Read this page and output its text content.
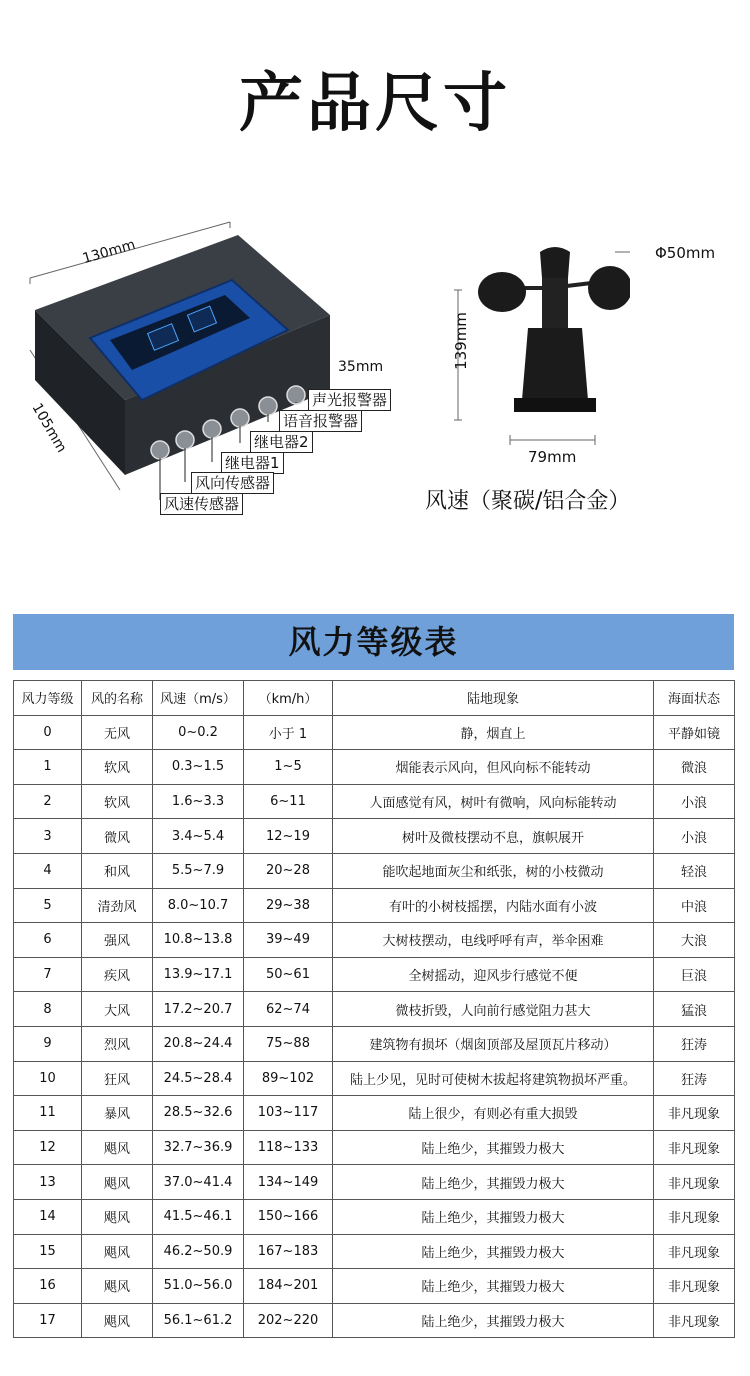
产品尺寸
130mm
105mm
35mm
声光报警器
语音报警器
继电器2
继电器1
风向传感器
风速传感器
Φ50mm
139mm
79mm
风速（聚碳/铝合金）
风力等级表
风力等级	风的名称	风速（m/s）	（km/h）	陆地现象	海面状态
0	无风	0~0.2	小于 1	静，烟直上	平静如镜
1	软风	0.3~1.5	1~5	烟能表示风向，但风向标不能转动	微浪
2	软风	1.6~3.3	6~11	人面感觉有风，树叶有微响，风向标能转动	小浪
3	微风	3.4~5.4	12~19	树叶及微枝摆动不息，旗帜展开	小浪
4	和风	5.5~7.9	20~28	能吹起地面灰尘和纸张，树的小枝微动	轻浪
5	清劲风	8.0~10.7	29~38	有叶的小树枝摇摆，内陆水面有小波	中浪
6	强风	10.8~13.8	39~49	大树枝摆动，电线呼呼有声，举伞困难	大浪
7	疾风	13.9~17.1	50~61	全树摇动，迎风步行感觉不便	巨浪
8	大风	17.2~20.7	62~74	微枝折毁，人向前行感觉阻力甚大	猛浪
9	烈风	20.8~24.4	75~88	建筑物有损坏（烟囱顶部及屋顶瓦片移动）	狂涛
10	狂风	24.5~28.4	89~102	陆上少见，见时可使树木拔起将建筑物损坏严重。	狂涛
11	暴风	28.5~32.6	103~117	陆上很少，有则必有重大损毁	非凡现象
12	飓风	32.7~36.9	118~133	陆上绝少，其摧毁力极大	非凡现象
13	飓风	37.0~41.4	134~149	陆上绝少，其摧毁力极大	非凡现象
14	飓风	41.5~46.1	150~166	陆上绝少，其摧毁力极大	非凡现象
15	飓风	46.2~50.9	167~183	陆上绝少，其摧毁力极大	非凡现象
16	飓风	51.0~56.0	184~201	陆上绝少，其摧毁力极大	非凡现象
17	飓风	56.1~61.2	202~220	陆上绝少，其摧毁力极大	非凡现象
